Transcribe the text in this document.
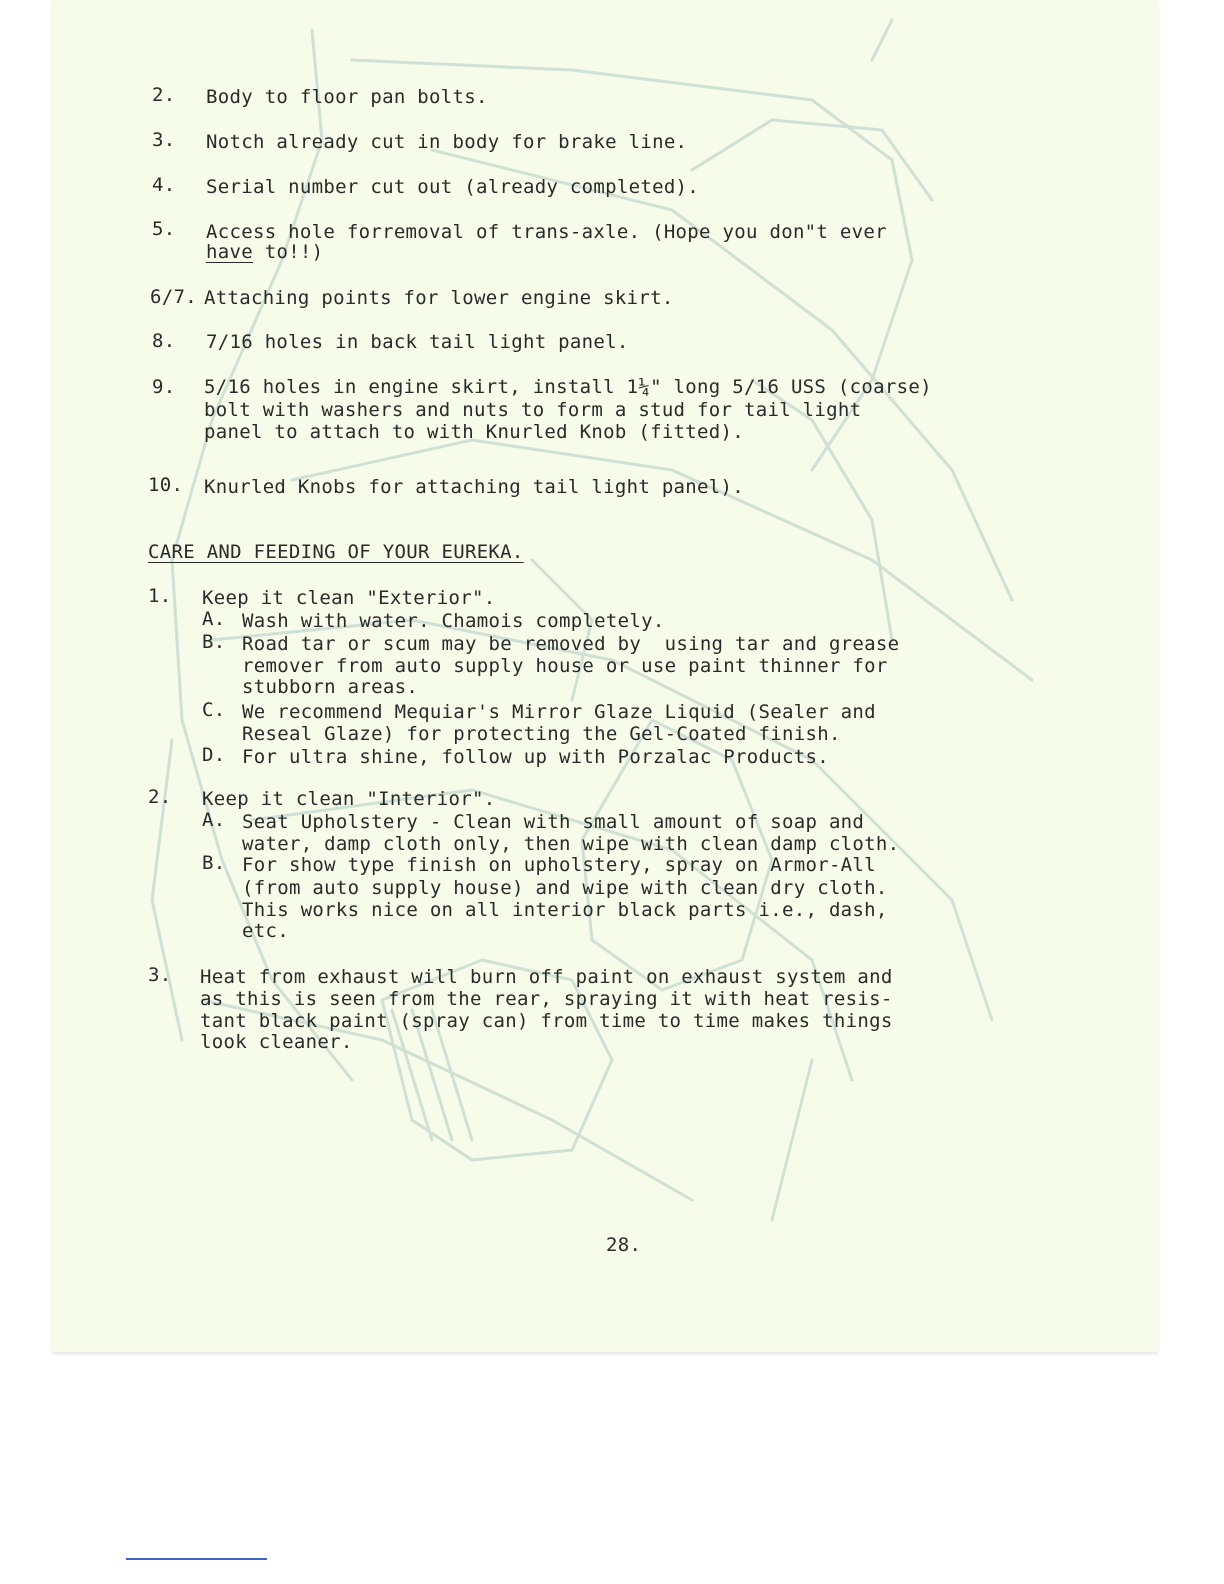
2. Body to floor pan bolts.
3. Notch already cut in body for brake line.
4. Serial number cut out (already completed).
5. Access hole forremoval of trans-axle. (Hope you don"t ever
have to!!)
6/7. Attaching points for lower engine skirt.
8. 7/16 holes in back tail light panel.
9. 5/16 holes in engine skirt, install 1¼" long 5/16 USS (coarse)
bolt with washers and nuts to form a stud for tail light
panel to attach to with Knurled Knob (fitted).
10. Knurled Knobs for attaching tail light panel).
CARE AND FEEDING OF YOUR EUREKA.
1. Keep it clean "Exterior".
A. Wash with water. Chamois completely.
B. Road tar or scum may be removed by  using tar and grease
remover from auto supply house or use paint thinner for
stubborn areas.
C. We recommend Mequiar's Mirror Glaze Liquid (Sealer and
Reseal Glaze) for protecting the Gel-Coated finish.
D. For ultra shine, follow up with Porzalac Products.
2. Keep it clean "Interior".
A. Seat Upholstery - Clean with small amount of soap and
water, damp cloth only, then wipe with clean damp cloth.
B. For show type finish on upholstery, spray on Armor-All
(from auto supply house) and wipe with clean dry cloth.
This works nice on all interior black parts i.e., dash,
etc.
3. Heat from exhaust will burn off paint on exhaust system and
as this is seen from the rear, spraying it with heat resis-
tant black paint (spray can) from time to time makes things
look cleaner.
28.
